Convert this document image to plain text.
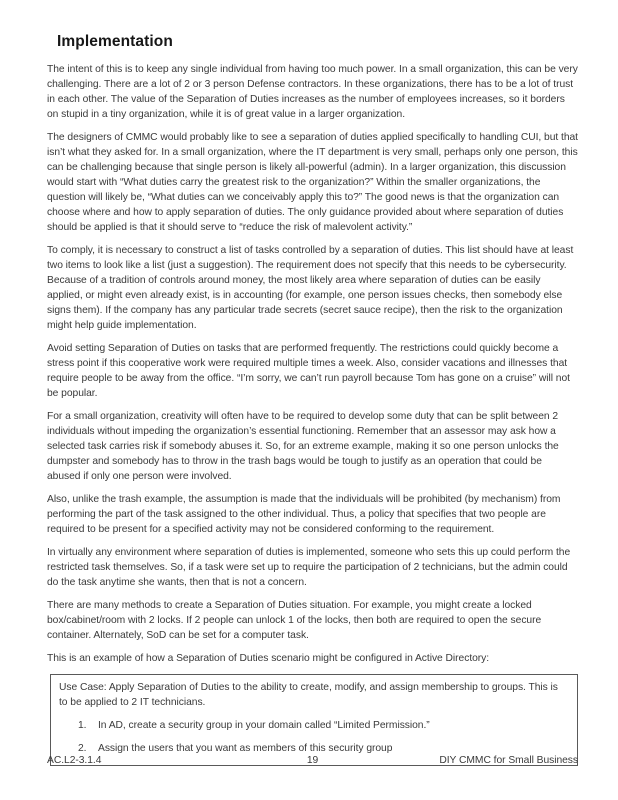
Implementation

The intent of this is to keep any single individual from having too much power. In a small organization, this can be very challenging. There are a lot of 2 or 3 person Defense contractors. In these organizations, there has to be a lot of trust in each other. The value of the Separation of Duties increases as the number of employees increases, so it borders on stupid in a tiny organization, while it is of great value in a larger organization.

The designers of CMMC would probably like to see a separation of duties applied specifically to handling CUI, but that isn’t what they asked for. In a small organization, where the IT department is very small, perhaps only one person, this can be challenging because that single person is likely all-powerful (admin). In a larger organization, this discussion would start with “What duties carry the greatest risk to the organization?” Within the smaller organizations, the question will likely be, “What duties can we conceivably apply this to?” The good news is that the organization can choose where and how to apply separation of duties. The only guidance provided about where separation of duties should be applied is that it should serve to “reduce the risk of malevolent activity.”

To comply, it is necessary to construct a list of tasks controlled by a separation of duties. This list should have at least two items to look like a list (just a suggestion). The requirement does not specify that this needs to be cybersecurity. Because of a tradition of controls around money, the most likely area where separation of duties can be easily applied, or might even already exist, is in accounting (for example, one person issues checks, then somebody else signs them). If the company has any particular trade secrets (secret sauce recipe), then the risk to the organization might help guide implementation.

Avoid setting Separation of Duties on tasks that are performed frequently. The restrictions could quickly become a stress point if this cooperative work were required multiple times a week. Also, consider vacations and illnesses that require people to be away from the office. “I’m sorry, we can’t run payroll because Tom has gone on a cruise” will not be popular.

For a small organization, creativity will often have to be required to develop some duty that can be split between 2 individuals without impeding the organization’s essential functioning. Remember that an assessor may ask how a selected task carries risk if somebody abuses it. So, for an extreme example, making it so one person unlocks the dumpster and somebody has to throw in the trash bags would be tough to justify as an operation that could be abused if only one person were involved.

Also, unlike the trash example, the assumption is made that the individuals will be prohibited (by mechanism) from performing the part of the task assigned to the other individual. Thus, a policy that specifies that two people are required to be present for a specified activity may not be considered conforming to the requirement.

In virtually any environment where separation of duties is implemented, someone who sets this up could perform the restricted task themselves. So, if a task were set up to require the participation of 2 technicians, but the admin could do the task anytime she wants, then that is not a concern.

There are many methods to create a Separation of Duties situation. For example, you might create a locked box/cabinet/room with 2 locks. If 2 people can unlock 1 of the locks, then both are required to open the secure container. Alternately, SoD can be set for a computer task.

This is an example of how a Separation of Duties scenario might be configured in Active Directory:

Use Case: Apply Separation of Duties to the ability to create, modify, and assign membership to groups. This is to be applied to 2 IT technicians.

1.	In AD, create a security group in your domain called “Limited Permission.”
2.	Assign the users that you want as members of this security group
AC.L2-3.1.4	19	DIY CMMC for Small Business
